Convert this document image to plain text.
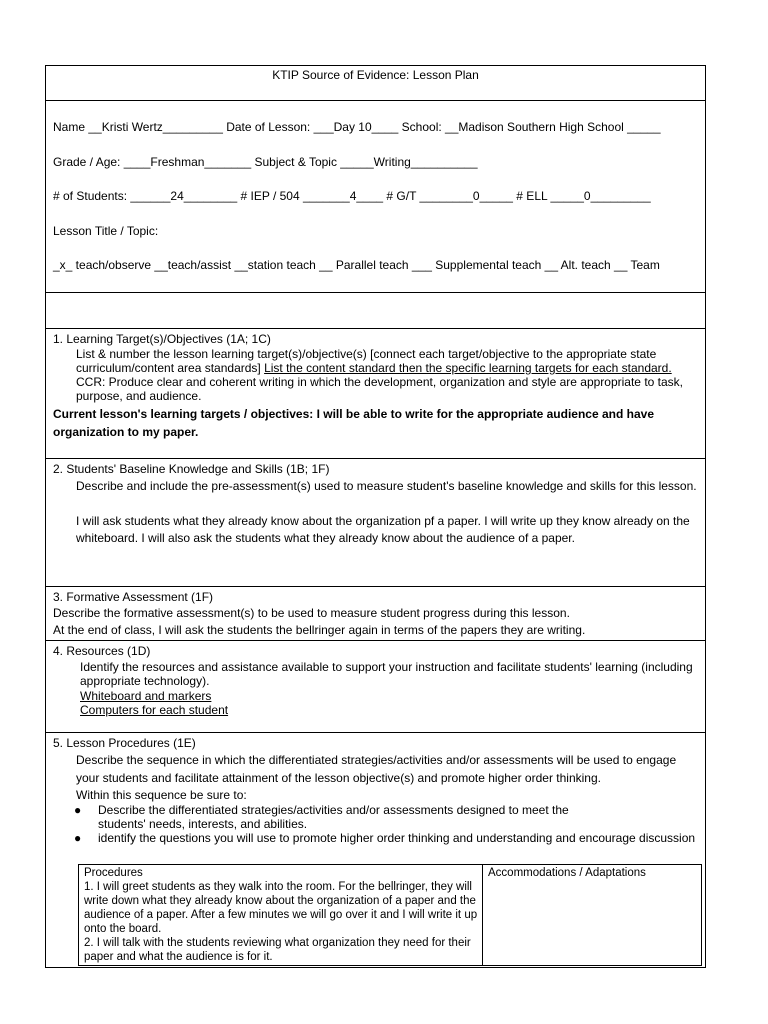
KTIP Source of Evidence: Lesson Plan
Name __Kristi Wertz_________ Date of Lesson: ___Day 10____ School: __Madison Southern High School _____
Grade / Age: ____Freshman_______ Subject & Topic _____Writing__________
# of Students: ______24________ # IEP / 504 _______4____ # G/T ________0_____ # ELL _____0_________
Lesson Title / Topic:
_x_ teach/observe __teach/assist __station teach __ Parallel teach ___ Supplemental teach __ Alt. teach __ Team
1. Learning Target(s)/Objectives (1A; 1C)
List & number the lesson learning target(s)/objective(s) [connect each target/objective to the appropriate state curriculum/content area standards] List the content standard then the specific learning targets for each standard. CCR: Produce clear and coherent writing in which the development, organization and style are appropriate to task, purpose, and audience.
Current lesson's learning targets / objectives: I will be able to write for the appropriate audience and have organization to my paper.
2. Students' Baseline Knowledge and Skills (1B; 1F)
Describe and include the pre-assessment(s) used to measure student's baseline knowledge and skills for this lesson.
I will ask students what they already know about the organization pf a paper. I will write up they know already on the whiteboard. I will also ask the students what they already know about the audience of a paper.
3. Formative Assessment (1F)
Describe the formative assessment(s) to be used to measure student progress during this lesson.
At the end of class, I will ask the students the bellringer again in terms of the papers they are writing.
4. Resources (1D)
Identify the resources and assistance available to support your instruction and facilitate students' learning (including appropriate technology).
Whiteboard and markers
Computers for each student
5. Lesson Procedures (1E)
Describe the sequence in which the differentiated strategies/activities and/or assessments will be used to engage your students and facilitate attainment of the lesson objective(s) and promote higher order thinking.
Within this sequence be sure to:
● Describe the differentiated strategies/activities and/or assessments designed to meet the students' needs, interests, and abilities.
● identify the questions you will use to promote higher order thinking and understanding and encourage discussion
Procedures	Accommodations / Adaptations
1. I will greet students as they walk into the room. For the bellringer, they will write down what they already know about the organization of a paper and the audience of a paper. After a few minutes we will go over it and I will write it up onto the board.
2. I will talk with the students reviewing what organization they need for their paper and what the audience is for it.
